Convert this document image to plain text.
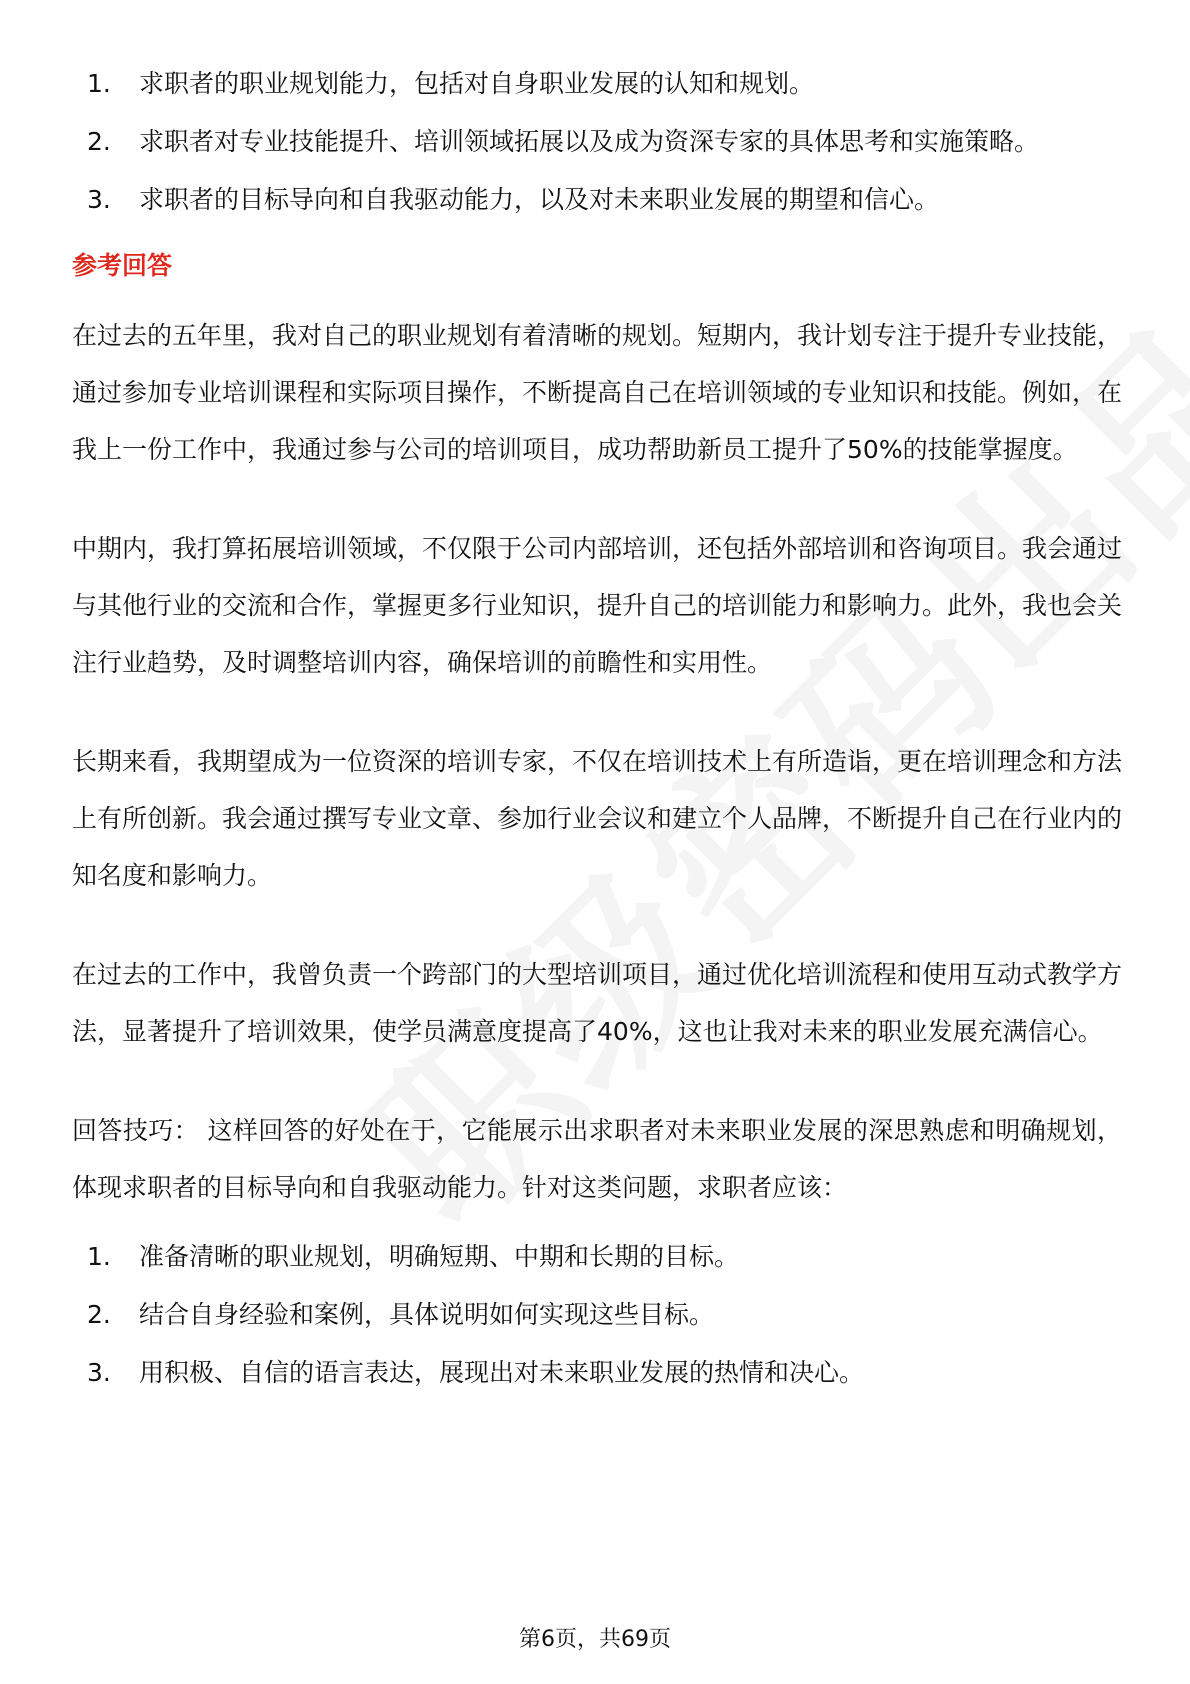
1.	求职者的职业规划能力，包括对自身职业发展的认知和规划。
2.	求职者对专业技能提升、培训领域拓展以及成为资深专家的具体思考和实施策略。
3.	求职者的目标导向和自我驱动能力，以及对未来职业发展的期望和信心。
参考回答

在过去的五年里，我对自己的职业规划有着清晰的规划。短期内，我计划专注于提升专业技能，通过参加专业培训课程和实际项目操作，不断提高自己在培训领域的专业知识和技能。例如，在我上一份工作中，我通过参与公司的培训项目，成功帮助新员工提升了50%的技能掌握度。

中期内，我打算拓展培训领域，不仅限于公司内部培训，还包括外部培训和咨询项目。我会通过与其他行业的交流和合作，掌握更多行业知识，提升自己的培训能力和影响力。此外，我也会关注行业趋势，及时调整培训内容，确保培训的前瞻性和实用性。

长期来看，我期望成为一位资深的培训专家，不仅在培训技术上有所造诣，更在培训理念和方法上有所创新。我会通过撰写专业文章、参加行业会议和建立个人品牌，不断提升自己在行业内的知名度和影响力。

在过去的工作中，我曾负责一个跨部门的大型培训项目，通过优化培训流程和使用互动式教学方法，显著提升了培训效果，使学员满意度提高了40%，这也让我对未来的职业发展充满信心。

回答技巧： 这样回答的好处在于，它能展示出求职者对未来职业发展的深思熟虑和明确规划，体现求职者的目标导向和自我驱动能力。针对这类问题，求职者应该：

1.	准备清晰的职业规划，明确短期、中期和长期的目标。
2.	结合自身经验和案例，具体说明如何实现这些目标。
3.	用积极、自信的语言表达，展现出对未来职业发展的热情和决心。
第6页，共69页
